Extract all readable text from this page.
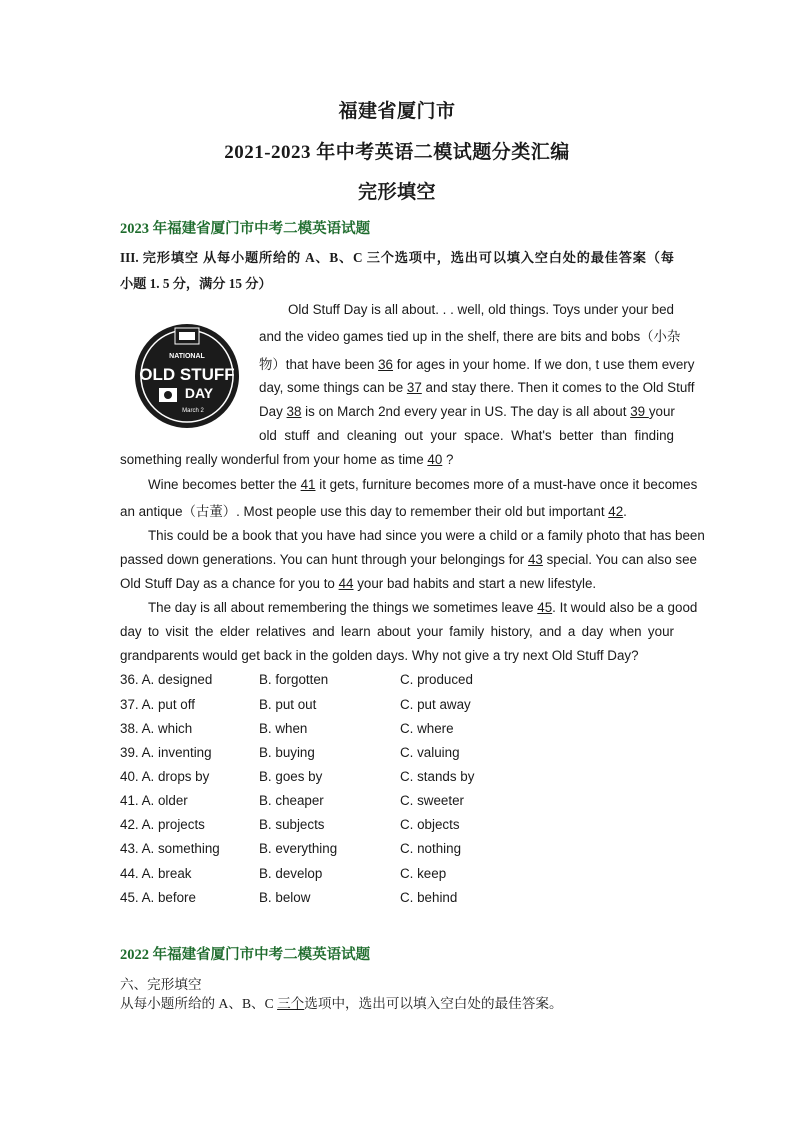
福建省厦门市
2021-2023 年中考英语二模试题分类汇编
完形填空
2023 年福建省厦门市中考二模英语试题
III. 完形填空 从每小题所给的 A、B、C 三个选项中，选出可以填入空白处的最佳答案（每
小题 1. 5 分，满分 15 分）
NATIONAL
OLD STUFF
DAY
March 2
Old Stuff Day is all about. . . well, old things. Toys under your bed
and the video games tied up in the shelf, there are bits and bobs（小杂
物）that have been 36 for ages in your home. If we don, t use them every
day, some things can be 37 and stay there. Then it comes to the Old Stuff
Day 38 is on March 2nd every year in US. The day is all about 39 your
old stuff and cleaning out your space. What's better than finding
something really wonderful from your home as time 40 ?
Wine becomes better the 41 it gets, furniture becomes more of a must-have once it becomes
an antique（古董）. Most people use this day to remember their old but important 42.
This could be a book that you have had since you were a child or a family photo that has been
passed down generations. You can hunt through your belongings for 43 special. You can also see
Old Stuff Day as a chance for you to 44 your bad habits and start a new lifestyle.
The day is all about remembering the things we sometimes leave 45. It would also be a good
day to visit the elder relatives and learn about your family history, and a day when your
grandparents would get back in the golden days. Why not give a try next Old Stuff Day?
36. A. designed	B. forgotten	C. produced
37. A. put off	B. put out	C. put away
38. A. which	B. when	C. where
39. A. inventing	B. buying	C. valuing
40. A. drops by	B. goes by	C. stands by
41. A. older	B. cheaper	C. sweeter
42. A. projects	B. subjects	C. objects
43. A. something	B. everything	C. nothing
44. A. break	B. develop	C. keep
45. A. before	B. below	C. behind
2022 年福建省厦门市中考二模英语试题
六、完形填空
从每小题所给的 A、B、C 三个选项中，选出可以填入空白处的最佳答案。
